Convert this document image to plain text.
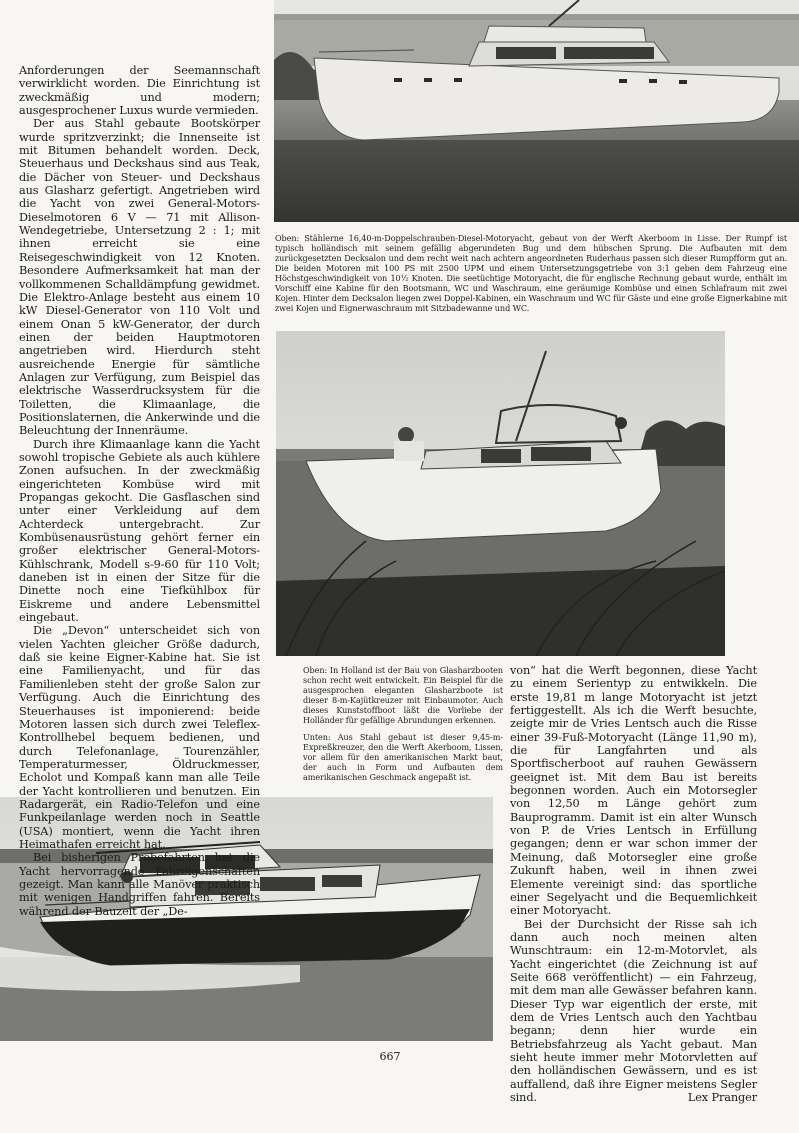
Oben: Stählerne 16,40-m-Doppelschrauben-Diesel-Motoryacht, gebaut von der Werft Akerboom in Lisse. Der Rumpf ist typisch holländisch mit seinem gefällig abgerundeten Bug und dem hübschen Sprung. Die Aufbauten mit dem zurückgesetzten Decksalon und dem recht weit nach achtern angeordneten Ruderhaus passen sich dieser Rumpfform gut an. Die beiden Motoren mit 100 PS mit 2500 UPM und einem Untersetzungsgetriebe von 3:1 geben dem Fahrzeug eine Höchstgeschwindigkeit von 10½ Knoten. Die seetüchtige Motoryacht, die für englische Rechnung gebaut wurde, enthält im Vorschiff eine Kabine für den Bootsmann, WC und Waschraum, eine geräumige Kombüse und einen Schlafraum mit zwei Kojen. Hinter dem Decksalon liegen zwei Doppel-Kabinen, ein Waschraum und WC für Gäste und eine große Eignerkabine mit zwei Kojen und Eignerwaschraum mit Sitzbadewanne und WC.

Oben: In Holland ist der Bau von Glasharzbooten schon recht weit entwickelt. Ein Beispiel für die ausgesprochen eleganten Glasharzboote ist dieser 8-m-Kajütkreuzer mit Einbaumotor. Auch dieses Kunststoffboot läßt die Vorliebe der Holländer für gefällige Abrundungen erkennen.

Unten: Aus Stahl gebaut ist dieser 9,45-m-Expreßkreuzer, den die Werft Akerboom, Lissen, vor allem für den amerikanischen Markt baut, der auch in Form und Aufbauten dem amerikanischen Geschmack angepaßt ist.

Anforderungen der Seemannschaft verwirklicht worden. Die Einrichtung ist zweckmäßig und modern; ausgesprochener Luxus wurde vermieden.

Der aus Stahl gebaute Bootskörper wurde spritzverzinkt; die Innenseite ist mit Bitumen behandelt worden. Deck, Steuerhaus und Deckshaus sind aus Teak, die Dächer von Steuer- und Deckshaus aus Glasharz gefertigt. Angetrieben wird die Yacht von zwei General-Motors-Dieselmotoren 6 V — 71 mit Allison-Wendegetriebe, Untersetzung 2 : 1; mit ihnen erreicht sie eine Reisegeschwindigkeit von 12 Knoten. Besondere Aufmerksamkeit hat man der vollkommenen Schalldämpfung gewidmet. Die Elektro-Anlage besteht aus einem 10 kW Diesel-Generator von 110 Volt und einem Onan 5 kW-Generator, der durch einen der beiden Hauptmotoren angetrieben wird. Hierdurch steht ausreichende Energie für sämtliche Anlagen zur Verfügung, zum Beispiel das elektrische Wasserdrucksystem für die Toiletten, die Klimaanlage, die Positionslaternen, die Ankerwinde und die Beleuchtung der Innenräume.

Durch ihre Klimaanlage kann die Yacht sowohl tropische Gebiete als auch kühlere Zonen aufsuchen. In der zweckmäßig eingerichteten Kombüse wird mit Propangas gekocht. Die Gasflaschen sind unter einer Verkleidung auf dem Achterdeck untergebracht. Zur Kombüsenausrüstung gehört ferner ein großer elektrischer General-Motors-Kühlschrank, Modell s-9-60 für 110 Volt; daneben ist in einen der Sitze für die Dinette noch eine Tiefkühlbox für Eiskreme und andere Lebensmittel eingebaut.

Die „Devon“ unterscheidet sich von vielen Yachten gleicher Größe dadurch, daß sie keine Eigner-Kabine hat. Sie ist eine Familienyacht, und für das Familienleben steht der große Salon zur Verfügung. Auch die Einrichtung des Steuerhauses ist imponierend: beide Motoren lassen sich durch zwei Teleflex-Kontrollhebel bequem bedienen, und durch Telefonanlage, Tourenzähler, Temperaturmesser, Öldruckmesser, Echolot und Kompaß kann man alle Teile der Yacht kontrollieren und benutzen. Ein Radargerät, ein Radio-Telefon und eine Funkpeilanlage werden noch in Seattle (USA) montiert, wenn die Yacht ihren Heimathafen erreicht hat.

Bei bisherigen Probefahrten hat die Yacht hervorragende Fahreigenschaften gezeigt. Man kann alle Manöver praktisch mit wenigen Handgriffen fahren. Bereits während der Bauzeit der „De-

von“ hat die Werft begonnen, diese Yacht zu einem Serientyp zu entwikkeln. Die erste 19,81 m lange Motoryacht ist jetzt fertiggestellt. Als ich die Werft besuchte, zeigte mir de Vries Lentsch auch die Risse einer 39-Fuß-Motoryacht (Länge 11,90 m), die für Langfahrten und als Sportfischerboot auf rauhen Gewässern geeignet ist. Mit dem Bau ist bereits begonnen worden. Auch ein Motorsegler von 12,50 m Länge gehört zum Bauprogramm. Damit ist ein alter Wunsch von P. de Vries Lentsch in Erfüllung gegangen; denn er war schon immer der Meinung, daß Motorsegler eine große Zukunft haben, weil in ihnen zwei Elemente vereinigt sind: das sportliche einer Segelyacht und die Bequemlichkeit einer Motoryacht.

Bei der Durchsicht der Risse sah ich dann auch noch meinen alten Wunschtraum: ein 12-m-Motorvlet, als Yacht eingerichtet (die Zeichnung ist auf Seite 668 veröffentlicht) — ein Fahrzeug, mit dem man alle Gewässer befahren kann. Dieser Typ war eigentlich der erste, mit dem de Vries Lentsch auch den Yachtbau begann; denn hier wurde ein Betriebsfahrzeug als Yacht gebaut. Man sieht heute immer mehr Motorvletten auf den holländischen Gewässern, und es ist auffallend, daß ihre Eigner meistens Segler sind.	Lex Pranger

667
